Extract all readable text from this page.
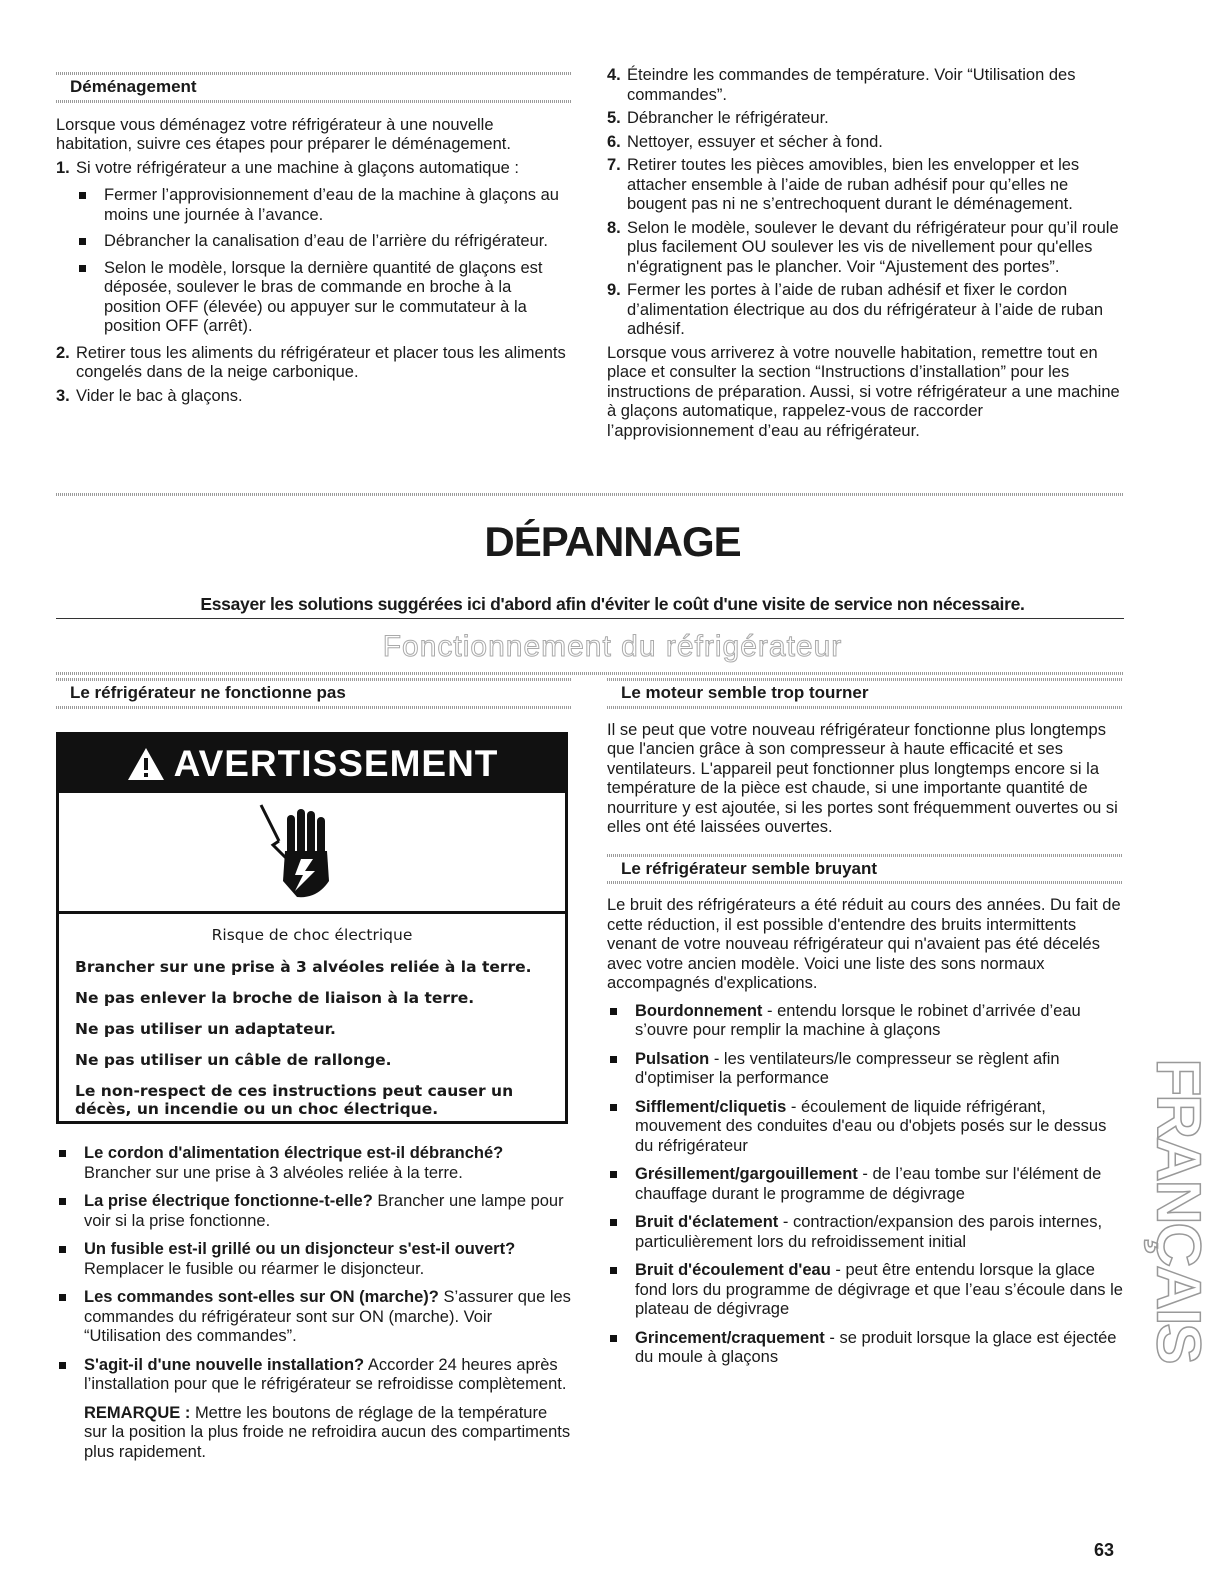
Déménagement

Lorsque vous déménagez votre réfrigérateur à une nouvelle habitation, suivre ces étapes pour préparer le déménagement.

1. Si votre réfrigérateur a une machine à glaçons automatique :
Fermer l’approvisionnement d’eau de la machine à glaçons au moins une journée à l’avance.
Débrancher la canalisation d’eau de l’arrière du réfrigérateur.
Selon le modèle, lorsque la dernière quantité de glaçons est déposée, soulever le bras de commande en broche à la position OFF (élevée) ou appuyer sur le commutateur à la position OFF (arrêt).
2. Retirer tous les aliments du réfrigérateur et placer tous les aliments congelés dans de la neige carbonique.
3. Vider le bac à glaçons.
4. Éteindre les commandes de température. Voir “Utilisation des commandes”.
5. Débrancher le réfrigérateur.
6. Nettoyer, essuyer et sécher à fond.
7. Retirer toutes les pièces amovibles, bien les envelopper et les attacher ensemble à l’aide de ruban adhésif pour qu’elles ne bougent pas ni ne s’entrechoquent durant le déménagement.
8. Selon le modèle, soulever le devant du réfrigérateur pour qu’il roule plus facilement OU soulever les vis de nivellement pour qu'elles n'égratignent pas le plancher. Voir “Ajustement des portes”.
9. Fermer les portes à l’aide de ruban adhésif et fixer le cordon d’alimentation électrique au dos du réfrigérateur à l’aide de ruban adhésif.

Lorsque vous arriverez à votre nouvelle habitation, remettre tout en place et consulter la section “Instructions d’installation” pour les instructions de préparation. Aussi, si votre réfrigérateur a une machine à glaçons automatique, rappelez-vous de raccorder l’approvisionnement d’eau au réfrigérateur.

DÉPANNAGE
Essayer les solutions suggérées ici d'abord afin d'éviter le coût d'une visite de service non nécessaire.
Fonctionnement du réfrigérateur
Le réfrigérateur ne fonctionne pas
AVERTISSEMENT

Risque de choc électrique

Brancher sur une prise à 3 alvéoles reliée à la terre.

Ne pas enlever la broche de liaison à la terre.

Ne pas utiliser un adaptateur.

Ne pas utiliser un câble de rallonge.

Le non-respect de ces instructions peut causer un décès, un incendie ou un choc électrique.

Le cordon d'alimentation électrique est-il débranché?
Brancher sur une prise à 3 alvéoles reliée à la terre.
La prise électrique fonctionne-t-elle? Brancher une lampe pour voir si la prise fonctionne.
Un fusible est-il grillé ou un disjoncteur s'est-il ouvert?
Remplacer le fusible ou réarmer le disjoncteur.
Les commandes sont-elles sur ON (marche)? S’assurer que les commandes du réfrigérateur sont sur ON (marche). Voir “Utilisation des commandes”.
S'agit-il d'une nouvelle installation? Accorder 24 heures après l’installation pour que le réfrigérateur se refroidisse complètement.

REMARQUE : Mettre les boutons de réglage de la température sur la position la plus froide ne refroidira aucun des compartiments plus rapidement.

Le moteur semble trop tourner

Il se peut que votre nouveau réfrigérateur fonctionne plus longtemps que l'ancien grâce à son compresseur à haute efficacité et ses ventilateurs. L'appareil peut fonctionner plus longtemps encore si la température de la pièce est chaude, si une importante quantité de nourriture y est ajoutée, si les portes sont fréquemment ouvertes ou si elles ont été laissées ouvertes.

Le réfrigérateur semble bruyant

Le bruit des réfrigérateurs a été réduit au cours des années. Du fait de cette réduction, il est possible d'entendre des bruits intermittents venant de votre nouveau réfrigérateur qui n'avaient pas été décelés avec votre ancien modèle. Voici une liste des sons normaux accompagnés d'explications.

Bourdonnement - entendu lorsque le robinet d’arrivée d’eau s’ouvre pour remplir la machine à glaçons
Pulsation - les ventilateurs/le compresseur se règlent afin d'optimiser la performance
Sifflement/cliquetis - écoulement de liquide réfrigérant, mouvement des conduites d'eau ou d'objets posés sur le dessus du réfrigérateur
Grésillement/gargouillement - de l’eau tombe sur l'élément de chauffage durant le programme de dégivrage
Bruit d'éclatement - contraction/expansion des parois internes, particulièrement lors du refroidissement initial
Bruit d'écoulement d'eau - peut être entendu lorsque la glace fond lors du programme de dégivrage et que l’eau s’écoule dans le plateau de dégivrage
Grincement/craquement - se produit lorsque la glace est éjectée du moule à glaçons	FRANÇAIS
63
